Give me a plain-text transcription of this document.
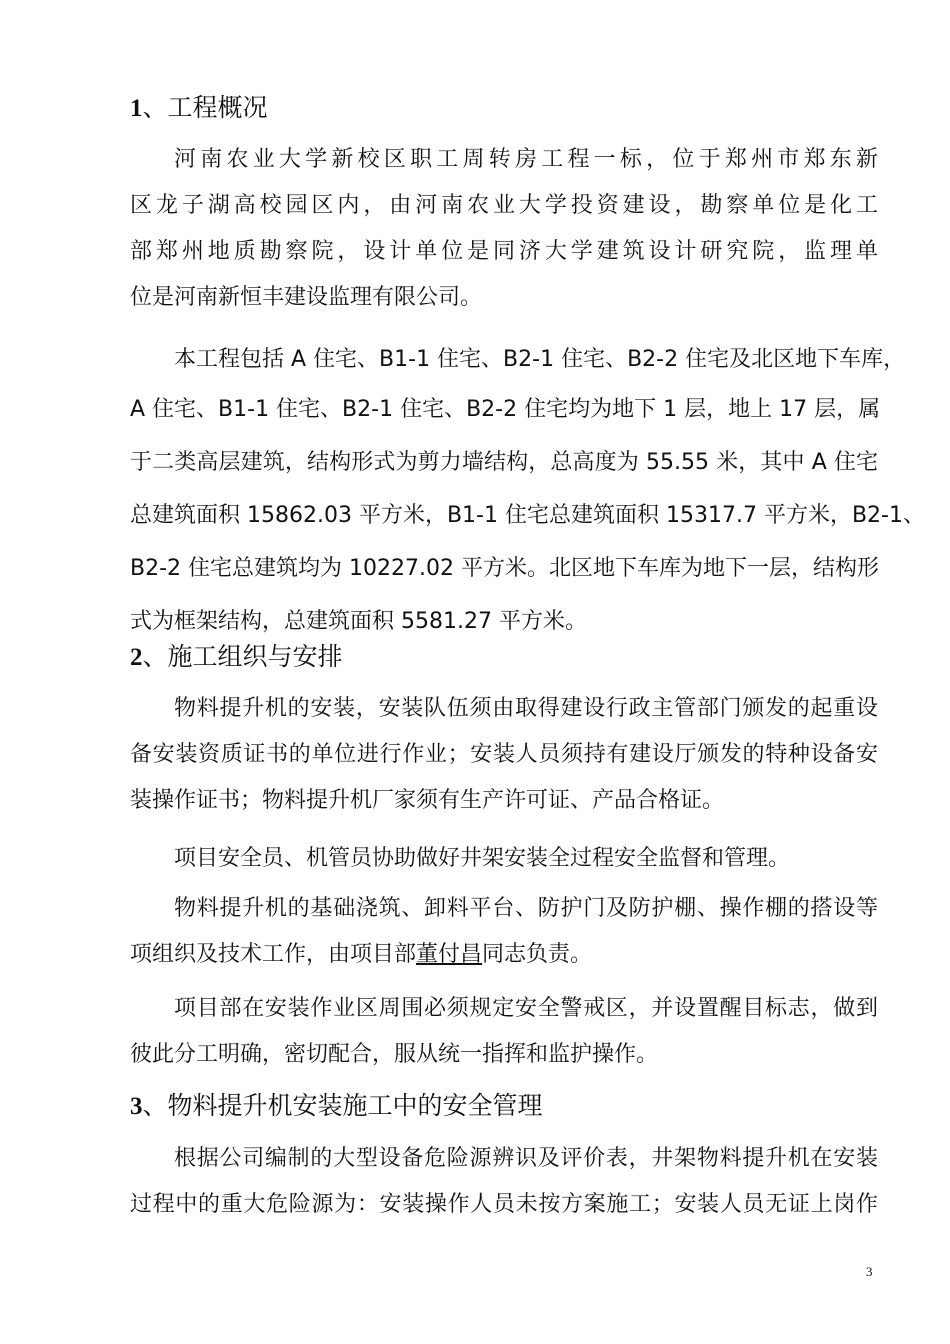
1、工程概况
河南农业大学新校区职工周转房工程一标，位于郑州市郑东新
区龙子湖高校园区内，由河南农业大学投资建设，勘察单位是化工
部郑州地质勘察院，设计单位是同济大学建筑设计研究院，监理单
位是河南新恒丰建设监理有限公司。
本工程包括 A 住宅、B1-1 住宅、B2-1 住宅、B2-2 住宅及北区地下车库，
A 住宅、B1-1 住宅、B2-1 住宅、B2-2 住宅均为地下 1 层，地上 17 层，属
于二类高层建筑，结构形式为剪力墙结构，总高度为 55.55 米，其中 A 住宅
总建筑面积 15862.03 平方米，B1-1 住宅总建筑面积 15317.7 平方米，B2-1、
B2-2 住宅总建筑均为 10227.02 平方米。北区地下车库为地下一层，结构形
式为框架结构，总建筑面积 5581.27 平方米。
2、施工组织与安排
物料提升机的安装，安装队伍须由取得建设行政主管部门颁发的起重设
备安装资质证书的单位进行作业；安装人员须持有建设厅颁发的特种设备安
装操作证书；物料提升机厂家须有生产许可证、产品合格证。
项目安全员、机管员协助做好井架安装全过程安全监督和管理。
物料提升机的基础浇筑、卸料平台、防护门及防护棚、操作棚的搭设等
项组织及技术工作，由项目部董付昌同志负责。
项目部在安装作业区周围必须规定安全警戒区，并设置醒目标志，做到
彼此分工明确，密切配合，服从统一指挥和监护操作。
3、物料提升机安装施工中的安全管理
根据公司编制的大型设备危险源辨识及评价表，井架物料提升机在安装
过程中的重大危险源为：安装操作人员未按方案施工；安装人员无证上岗作
3
